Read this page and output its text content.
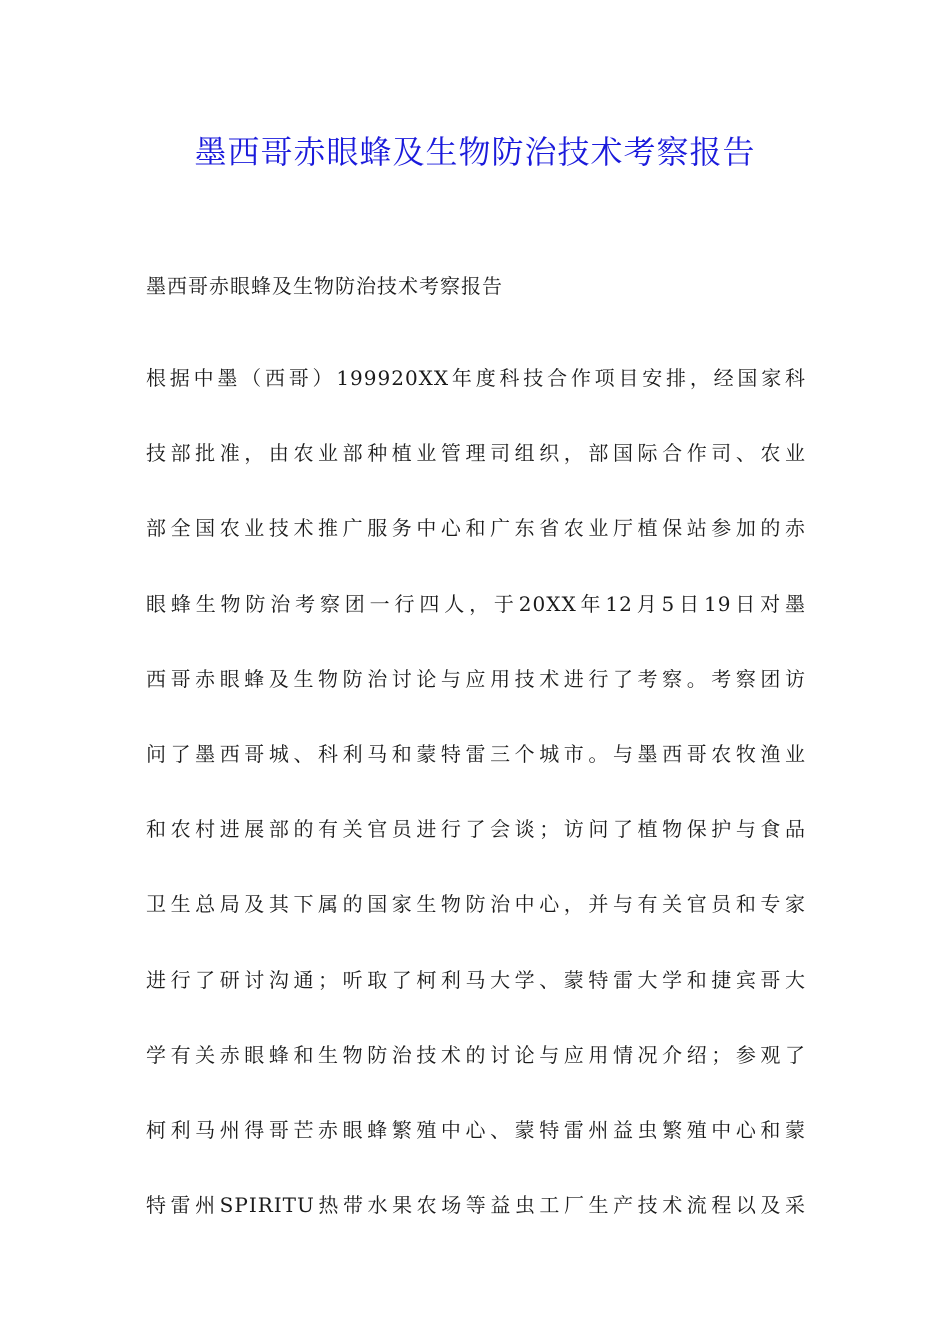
墨西哥赤眼蜂及生物防治技术考察报告

墨西哥赤眼蜂及生物防治技术考察报告

根据中墨（西哥）199920XX年度科技合作项目安排，经国家科
技部批准，由农业部种植业管理司组织，部国际合作司、农业
部全国农业技术推广服务中心和广东省农业厅植保站参加的赤
眼蜂生物防治考察团一行四人，于20XX年12月5日19日对墨
西哥赤眼蜂及生物防治讨论与应用技术进行了考察。考察团访
问了墨西哥城、科利马和蒙特雷三个城市。与墨西哥农牧渔业
和农村进展部的有关官员进行了会谈；访问了植物保护与食品
卫生总局及其下属的国家生物防治中心，并与有关官员和专家
进行了研讨沟通；听取了柯利马大学、蒙特雷大学和捷宾哥大
学有关赤眼蜂和生物防治技术的讨论与应用情况介绍；参观了
柯利马州得哥芒赤眼蜂繁殖中心、蒙特雷州益虫繁殖中心和蒙
特雷州SPIRITU热带水果农场等益虫工厂生产技术流程以及采
